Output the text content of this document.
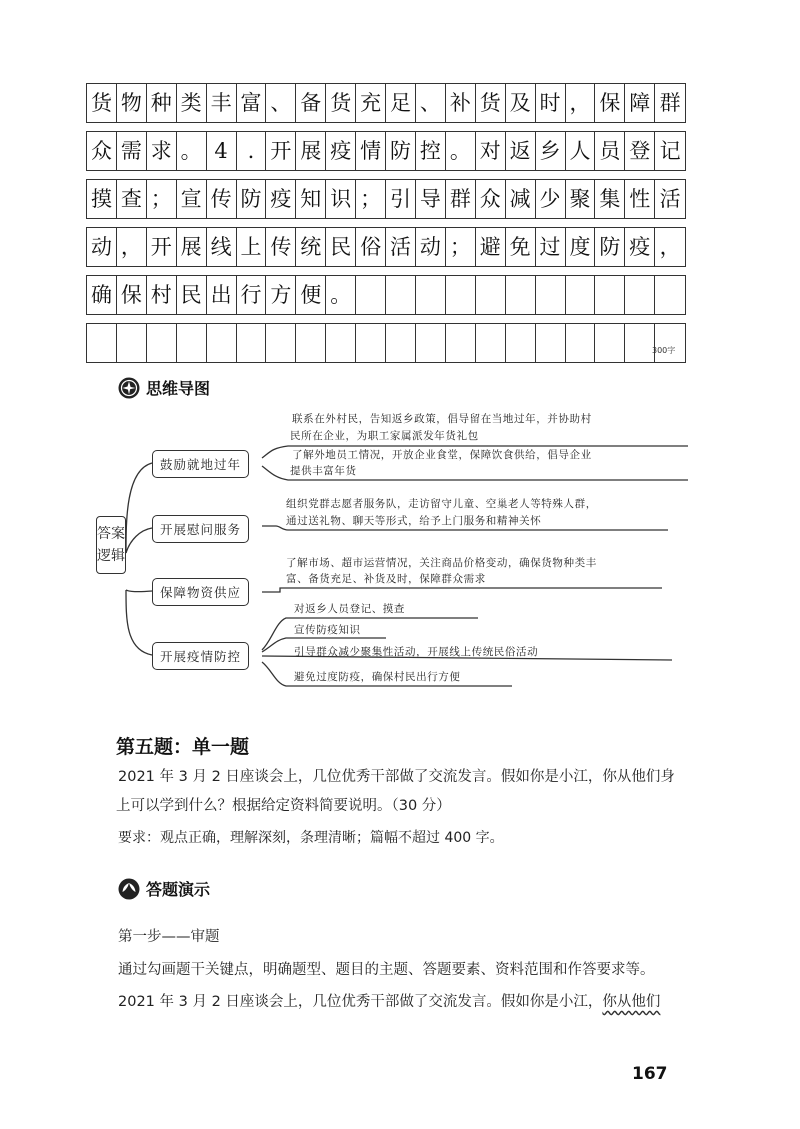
货 物 种 类 丰 富 、 备 货 充 足 、 补 货 及 时 ， 保 障 群
众 需 求 。 4 . 开 展 疫 情 防 控 。 对 返 乡 人 员 登 记
摸 查 ； 宣 传 防 疫 知 识 ； 引 导 群 众 减 少 聚 集 性 活
动 ， 开 展 线 上 传 统 民 俗 活 动 ； 避 免 过 度 防 疫 ，
确 保 村 民 出 行 方 便 。
300字
思维导图
答案逻辑
鼓励就地过年
开展慰问服务
保障物资供应
开展疫情防控
联系在外村民，告知返乡政策，倡导留在当地过年，并协助村
民所在企业，为职工家属派发年货礼包
了解外地员工情况，开放企业食堂，保障饮食供给，倡导企业
提供丰富年货
组织党群志愿者服务队，走访留守儿童、空巢老人等特殊人群，
通过送礼物、聊天等形式，给予上门服务和精神关怀
了解市场、超市运营情况，关注商品价格变动，确保货物种类丰
富、备货充足、补货及时，保障群众需求
对返乡人员登记、摸查
宣传防疫知识
引导群众减少聚集性活动，开展线上传统民俗活动
避免过度防疫，确保村民出行方便
第五题：单一题
2021 年 3 月 2 日座谈会上，几位优秀干部做了交流发言。假如你是小江，你从他们身
上可以学到什么？根据给定资料简要说明。（30 分）
要求：观点正确，理解深刻，条理清晰；篇幅不超过 400 字。
答题演示
第一步——审题
通过勾画题干关键点，明确题型、题目的主题、答题要素、资料范围和作答要求等。
2021 年 3 月 2 日座谈会上，几位优秀干部做了交流发言。假如你是小江，你从他们
167
